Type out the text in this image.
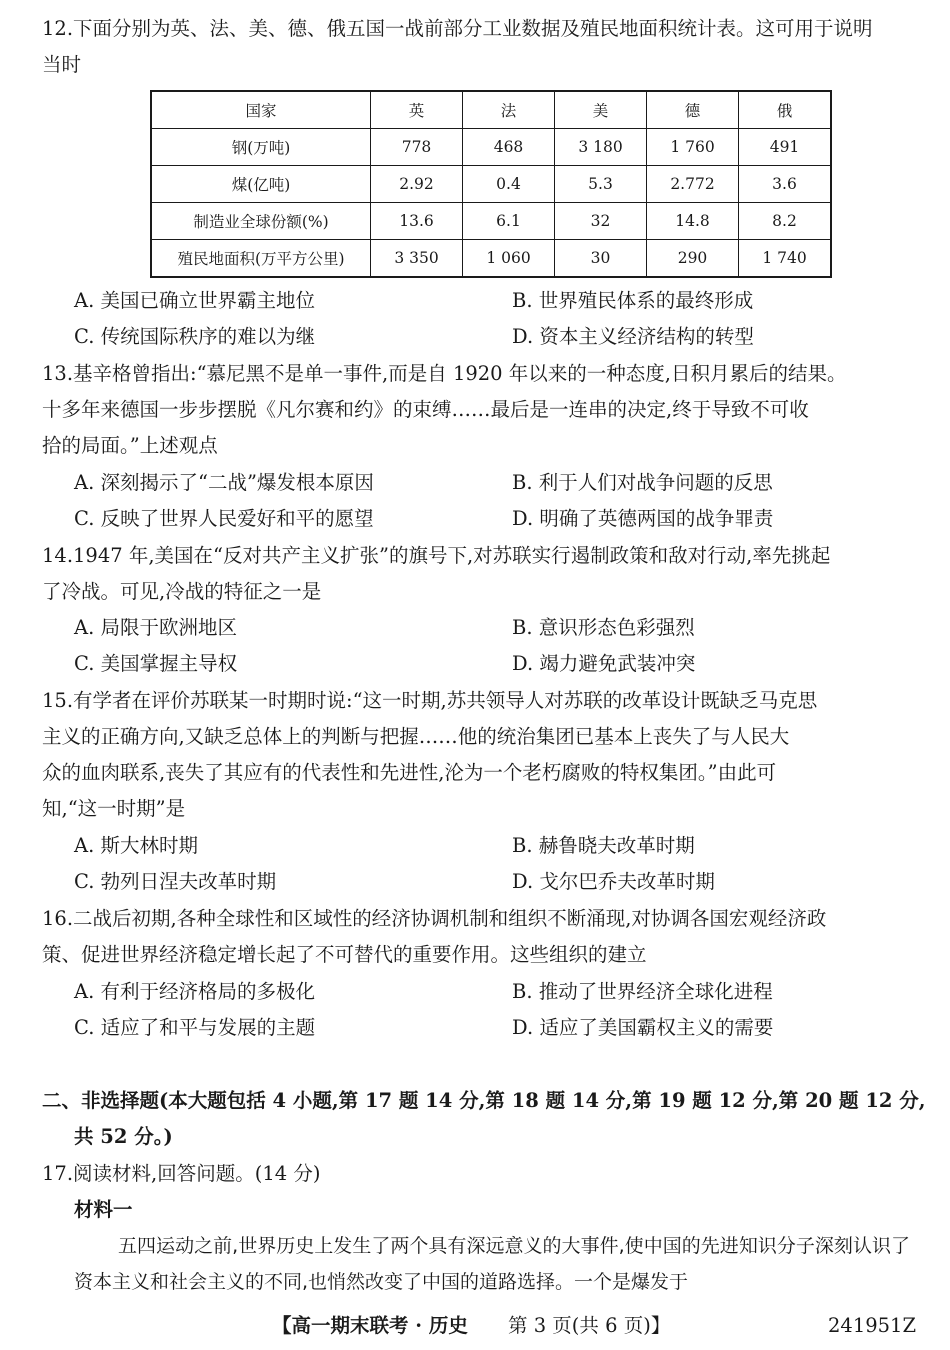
12.下面分别为英、法、美、德、俄五国一战前部分工业数据及殖民地面积统计表。这可用于说明
当时
国家	英	法	美	德	俄
钢(万吨)	778	468	3 180	1 760	491
煤(亿吨)	2.92	0.4	5.3	2.772	3.6
制造业全球份额(%)	13.6	6.1	32	14.8	8.2
殖民地面积(万平方公里)	3 350	1 060	30	290	1 740
A. 美国已确立世界霸主地位	B. 世界殖民体系的最终形成
C. 传统国际秩序的难以为继	D. 资本主义经济结构的转型
13.基辛格曾指出:“慕尼黑不是单一事件,而是自 1920 年以来的一种态度,日积月累后的结果。
十多年来德国一步步摆脱《凡尔赛和约》的束缚……最后是一连串的决定,终于导致不可收
拾的局面。”上述观点
A. 深刻揭示了“二战”爆发根本原因	B. 利于人们对战争问题的反思
C. 反映了世界人民爱好和平的愿望	D. 明确了英德两国的战争罪责
14.1947 年,美国在“反对共产主义扩张”的旗号下,对苏联实行遏制政策和敌对行动,率先挑起
了冷战。可见,冷战的特征之一是
A. 局限于欧洲地区	B. 意识形态色彩强烈
C. 美国掌握主导权	D. 竭力避免武装冲突
15.有学者在评价苏联某一时期时说:“这一时期,苏共领导人对苏联的改革设计既缺乏马克思
主义的正确方向,又缺乏总体上的判断与把握……他的统治集团已基本上丧失了与人民大
众的血肉联系,丧失了其应有的代表性和先进性,沦为一个老朽腐败的特权集团。”由此可
知,“这一时期”是
A. 斯大林时期	B. 赫鲁晓夫改革时期
C. 勃列日涅夫改革时期	D. 戈尔巴乔夫改革时期
16.二战后初期,各种全球性和区域性的经济协调机制和组织不断涌现,对协调各国宏观经济政
策、促进世界经济稳定增长起了不可替代的重要作用。这些组织的建立
A. 有利于经济格局的多极化	B. 推动了世界经济全球化进程
C. 适应了和平与发展的主题	D. 适应了美国霸权主义的需要
二、非选择题(本大题包括 4 小题,第 17 题 14 分,第 18 题 14 分,第 19 题 12 分,第 20 题 12 分,
共 52 分。)
17.阅读材料,回答问题。(14 分)
材料一
五四运动之前,世界历史上发生了两个具有深远意义的大事件,使中国的先进知识分子深刻认识了资本主义和社会主义的不同,也悄然改变了中国的道路选择。一个是爆发于
【高一期末联考 · 历史 第 3 页(共 6 页)】	241951Z
